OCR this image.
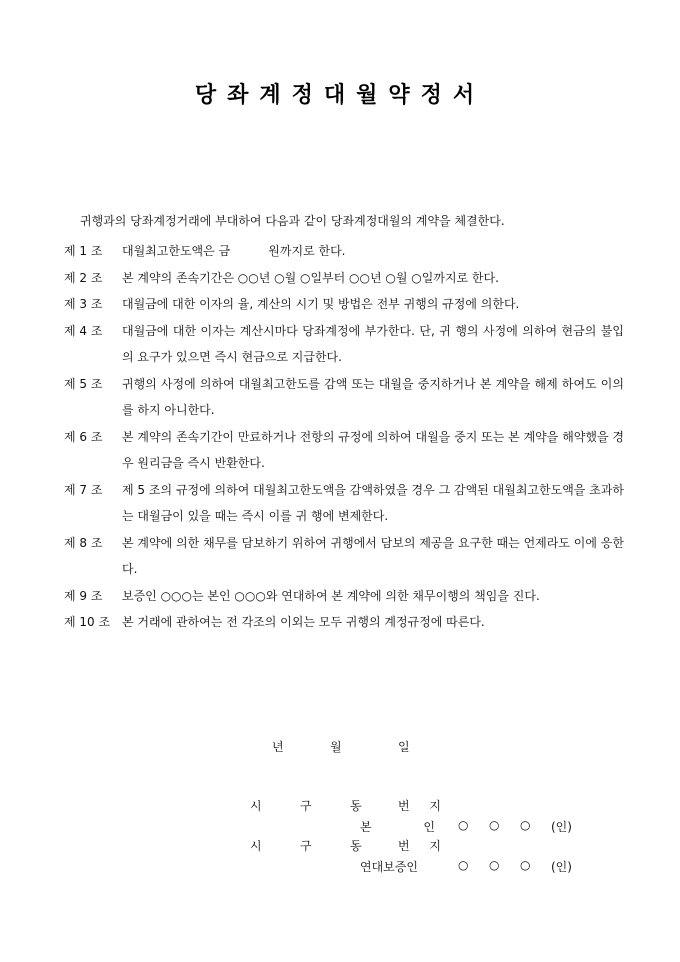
당좌계정대월약정서
귀행과의 당좌계정거래에 부대하여 다음과 같이 당좌계정대월의 계약을 체결한다.
제 1 조	대월최고한도액은 금          원까지로 한다.
제 2 조	본 계약의 존속기간은 ○○년 ○월 ○일부터 ○○년 ○월 ○일까지로 한다.
제 3 조	대월금에 대한 이자의 율, 계산의 시기 및 방법은 전부 귀행의 규정에 의한다.
제 4 조	대월금에 대한 이자는 계산시마다 당좌계정에 부가한다. 단, 귀 행의 사정에 의하여 현금의 불입의 요구가 있으면 즉시 현금으로 지급한다.
제 5 조	귀행의 사정에 의하여 대월최고한도를 감액 또는 대월을 중지하거나 본 계약을 해제 하여도 이의를 하지 아니한다.
제 6 조	본 계약의 존속기간이 만료하거나 전항의 규정에 의하여 대월을 중지 또는 본 계약을 해약했을 경우 원리금을 즉시 반환한다.
제 7 조	제 5 조의 규정에 의하여 대월최고한도액을 감액하였을 경우 그 감액된 대월최고한도액을 초과하는 대월금이 있을 때는 즉시 이를 귀 행에 변제한다.
제 8 조	본 계약에 의한 채무를 담보하기 위하여 귀행에서 담보의 제공을 요구한 때는 언제라도 이에 응한다.
제 9 조	보증인 ○○○는 본인 ○○○와 연대하여 본 계약에 의한 채무이행의 책임을 진다.
제 10 조 본 거래에 관하여는 전 각조의 이외는 모두 귀행의 계정규정에 따른다.
년	월	일
시	구	동	번 지
본 인 ○	○	○	(인)
시	구	동	번 지
연대보증인	○	○	○	(인)
